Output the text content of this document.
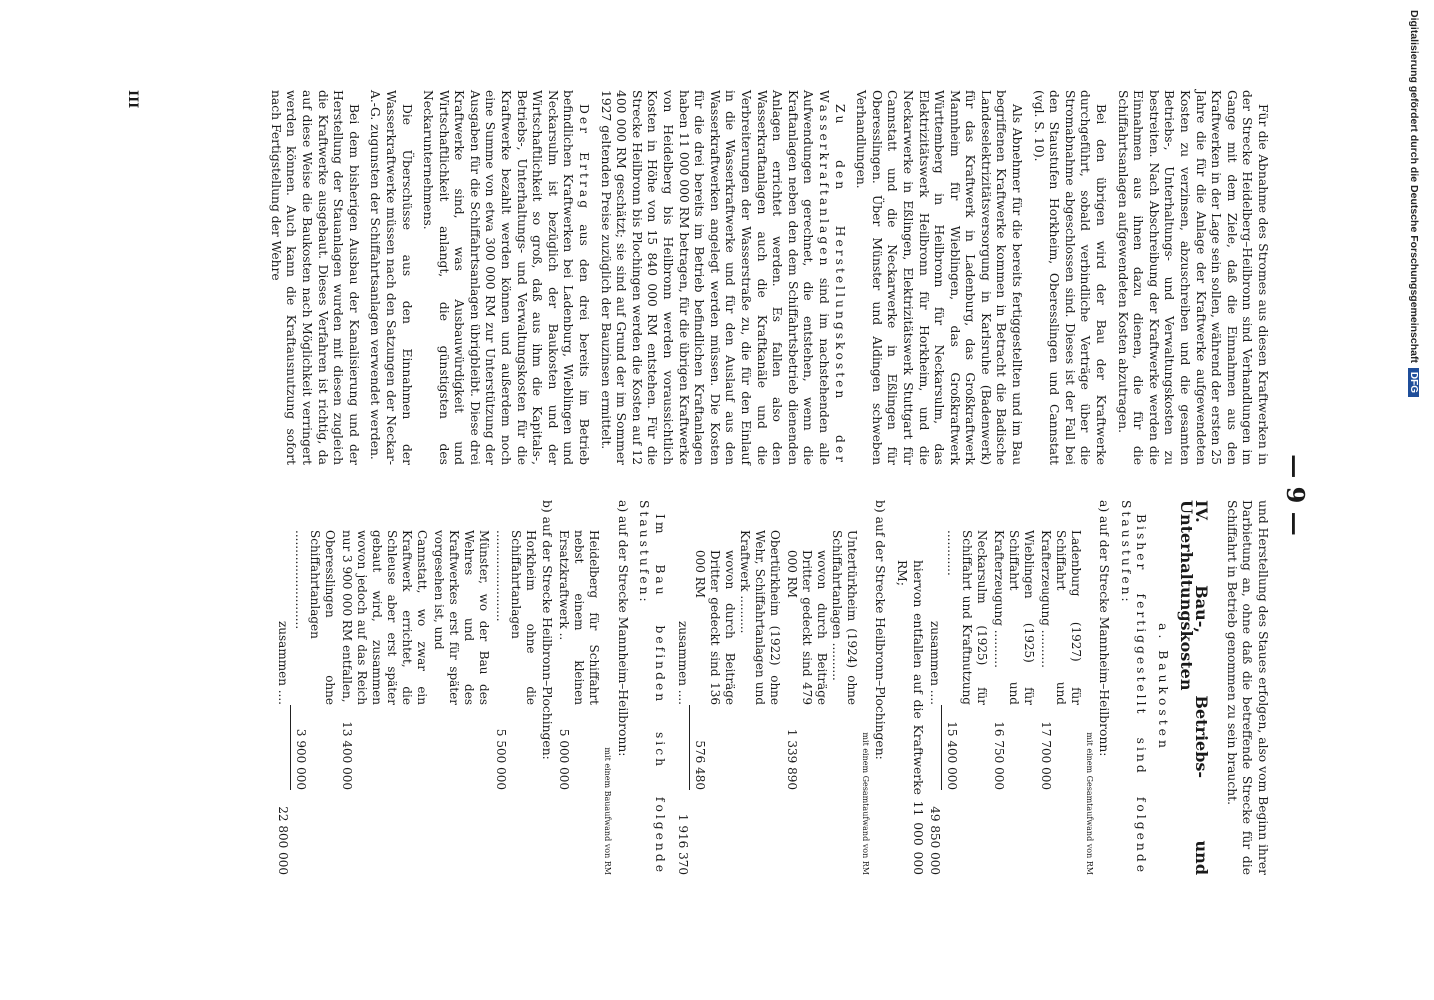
— 9 —

Für die Abnahme des Stromes aus diesen Kraftwerken in der Strecke Heidelberg–Heilbronn sind Verhandlungen im Gange mit dem Ziele, daß die Einnahmen aus den Kraftwerken in der Lage sein sollen, während der ersten 25 Jahre die für die Anlage der Kraftwerke aufgewendeten Kosten zu verzinsen, abzuschreiben und die gesamten Betriebs-, Unterhaltungs- und Verwaltungskosten zu bestreiten. Nach Abschreibung der Kraftwerke werden die Einnahmen aus ihnen dazu dienen, die für die Schiffahrtsanlagen aufgewendeten Kosten abzutragen.

Bei den übrigen wird der Bau der Kraftwerke durchgeführt, sobald verbindliche Verträge über die Stromabnahme abgeschlossen sind. Dieses ist der Fall bei den Staustufen Horkheim, Oberesslingen und Cannstatt (vgl. S. 10).

Als Abnehmer für die bereits fertiggestellten und im Bau begriffenen Kraftwerke kommen in Betracht die Badische Landeselektrizitätsversorgung in Karlsruhe (Badenwerk) für das Kraftwerk in Ladenburg, das Großkraftwerk Mannheim für Wieblingen, das Großkraftwerk Württemberg in Heilbronn für Neckarsulm, das Elektrizitätswerk Heilbronn für Horkheim, und die Neckarwerke in Eßlingen, Elektrizitätswerk Stuttgart für Cannstatt und die Neckarwerke in Eßlingen für Oberesslingen. Über Münster und Aldingen schweben Verhandlungen.

Zu den Herstellungskosten der Wasserkraftanlagen sind im nachstehenden alle Aufwendungen gerechnet, die entstehen, wenn die Kraftanlagen neben den dem Schiffahrtsbetrieb dienenden Anlagen errichtet werden. Es fallen also den Wasserkraftanlagen auch die Kraftkanäle und die Verbreiterungen der Wasserstraße zu, die für den Einlauf in die Wasserkraftwerke und für den Auslauf aus den Wasserkraftwerken angelegt werden müssen. Die Kosten für die drei bereits im Betrieb befindlichen Kraftanlagen haben 11 000 000 RM betragen, für die übrigen Kraftwerke von Heidelberg bis Heilbronn werden voraussichtlich Kosten in Höhe von 15 840 000 RM entstehen. Für die Strecke Heilbronn bis Plochingen werden die Kosten auf 12 400 000 RM geschätzt; sie sind auf Grund der im Sommer 1927 geltenden Preise zuzüglich der Bauzinsen ermittelt.

Der Ertrag aus den drei bereits im Betrieb befindlichen Kraftwerken bei Ladenburg, Wieblingen und Neckarsulm ist bezüglich der Baukosten und der Wirtschaftlichkeit so groß, daß aus ihm die Kapitals-, Betriebs-, Unterhaltungs- und Verwaltungskosten für die Kraftwerke bezahlt werden können und außerdem noch eine Summe von etwa 300 000 RM zur Unterstützung der Ausgaben für die Schiffahrtsanlagen übrigbleibt. Diese drei Kraftwerke sind, was Ausbauwürdigkeit und Wirtschaftlichkeit anlangt, die günstigsten des Neckarunternehmens.

Die Überschüsse aus den Einnahmen der Wasserkraftwerke müssen nach den Satzungen der Neckar-A.-G. zugunsten der Schiffahrtsanlagen verwendet werden.

Bei dem bisherigen Ausbau der Kanalisierung und der Herstellung der Stauanlagen wurden mit diesen zugleich die Kraftwerke ausgebaut. Dieses Verfahren ist richtig, da auf diese Weise die Baukosten nach Möglichkeit verringert werden können. Auch kann die Kraftausnutzung sofort nach Fertigstellung der Wehre

und Herstellung des Staues erfolgen, also vom Beginn ihrer Darbietung an, ohne daß die betreffende Strecke für die Schiffahrt in Betrieb genommen zu sein braucht.

IV. Bau-, Betriebs- und Unterhaltungskosten
a. Baukosten

Bisher fertiggestellt sind folgende Staustufen:

a) auf der Strecke Mannheim–Heilbronn:
mit einem Gesamtaufwand von RM
Ladenburg (1927) für Schiffahrt und Krafterzeugung ..........	17 700 000	
Wieblingen (1925) für Schiffahrt und Krafterzeugung ..........	16 750 000	
Neckarsulm (1925) für Schiffahrt und Kraftnutzung ............	15 400 000	
zusammen ....		49 850 000

hiervon entfallen auf die Kraftwerke 11 000 000 RM;

b) auf der Strecke Heilbronn–Plochingen:
mit einem Gesamtaufwand von RM
Untertürkheim (1924) ohne Schiffahrtanlagen ..........
wovon durch Beiträge Dritter gedeckt sind 479 000 RM	1 339 890	

Obertürkheim (1922) ohne Wehr, Schiffahrtanlagen und Kraftwerk ..........
wovon durch Beiträge Dritter gedeckt sind 136 000 RM	576 480	
zusammen ....		1 916 370

Im Bau befinden sich folgende Staustufen:

a) auf der Strecke Mannheim–Heilbronn:
mit einem Bauaufwand von RM
Heidelberg für Schiffahrt nebst einem kleinen Ersatzkraftwerk ..	5 000 000	
b) auf der Strecke Heilbronn–Plochingen:
Horkheim ohne die Schiffahrtanlagen ........................	5 500 000	
Münster, wo der Bau des Wehres und des Kraftwerkes erst für später vorgesehen ist, und		
Cannstatt, wo zwar ein Kraftwerk errichtet, die Schleuse aber erst später gebaut wird, zusammen wovon jedoch auf das Reich nur 3 900 000 RM entfallen,	13 400 000	
Oberesslingen ohne Schiffahrtanlagen ..........................	3 900 000	
zusammen ....		22 800 000
III	Digitalisierung gefördert durch die Deutsche Forschungsgemeinschaft DFG
